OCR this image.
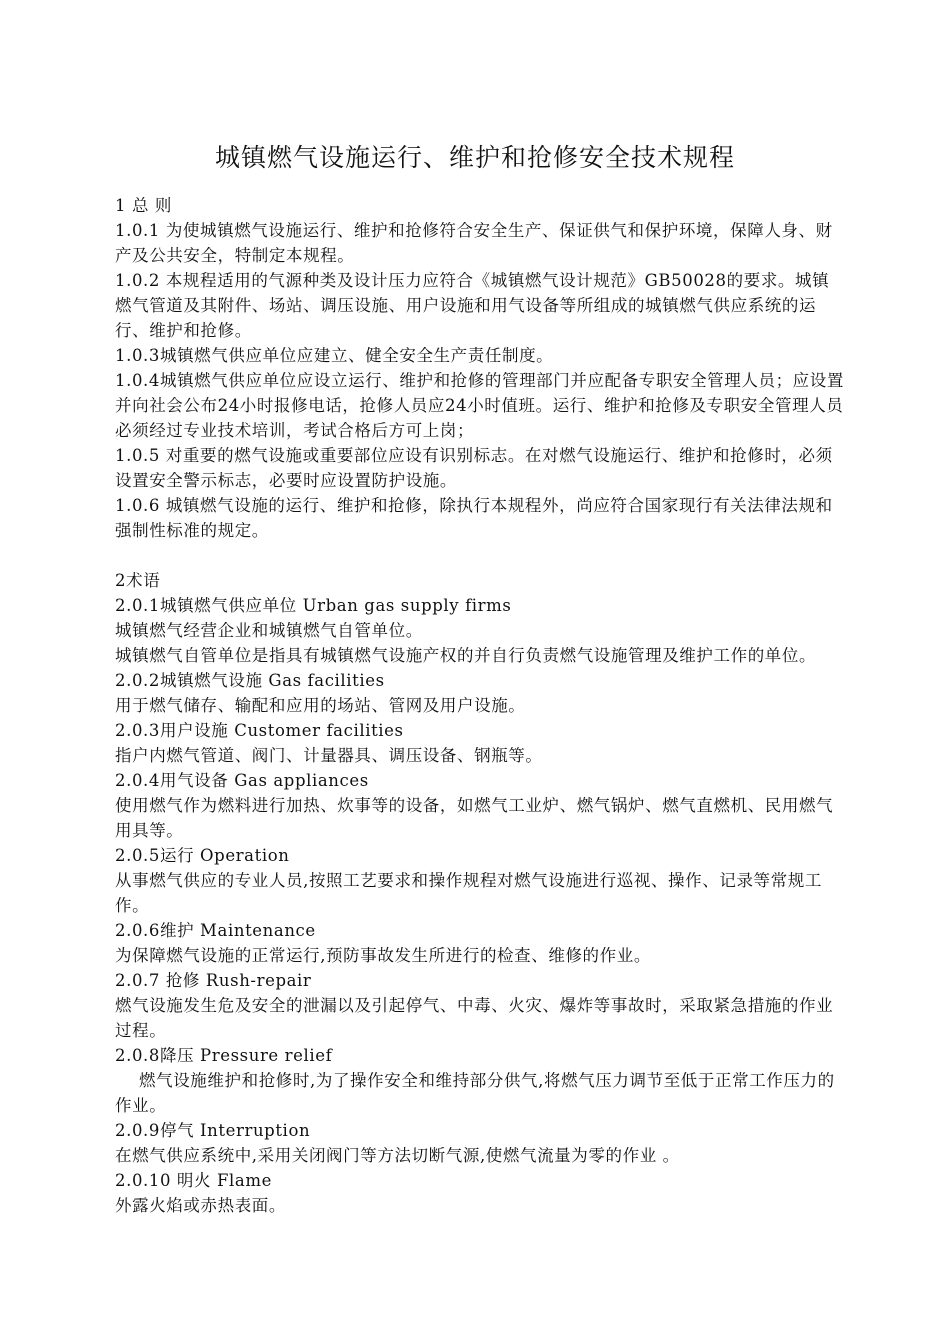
城镇燃气设施运行、维护和抢修安全技术规程

1 总 则

1.0.1 为使城镇燃气设施运行、维护和抢修符合安全生产、保证供气和保护环境，保障人身、财产及公共安全，特制定本规程。

1.0.2 本规程适用的气源种类及设计压力应符合《城镇燃气设计规范》GB50028的要求。城镇燃气管道及其附件、场站、调压设施、用户设施和用气设备等所组成的城镇燃气供应系统的运行、维护和抢修。

1.0.3城镇燃气供应单位应建立、健全安全生产责任制度。

1.0.4城镇燃气供应单位应设立运行、维护和抢修的管理部门并应配备专职安全管理人员；应设置并向社会公布24小时报修电话，抢修人员应24小时值班。运行、维护和抢修及专职安全管理人员必须经过专业技术培训，考试合格后方可上岗；

1.0.5 对重要的燃气设施或重要部位应设有识别标志。在对燃气设施运行、维护和抢修时，必须设置安全警示标志，必要时应设置防护设施。

1.0.6 城镇燃气设施的运行、维护和抢修，除执行本规程外，尚应符合国家现行有关法律法规和强制性标准的规定。

2术语

2.0.1城镇燃气供应单位 Urban gas supply firms

城镇燃气经营企业和城镇燃气自管单位。

城镇燃气自管单位是指具有城镇燃气设施产权的并自行负责燃气设施管理及维护工作的单位。

2.0.2城镇燃气设施 Gas facilities

用于燃气储存、输配和应用的场站、管网及用户设施。

2.0.3用户设施 Customer facilities

指户内燃气管道、阀门、计量器具、调压设备、钢瓶等。

2.0.4用气设备 Gas appliances

使用燃气作为燃料进行加热、炊事等的设备，如燃气工业炉、燃气锅炉、燃气直燃机、民用燃气用具等。

2.0.5运行 Operation

从事燃气供应的专业人员,按照工艺要求和操作规程对燃气设施进行巡视、操作、记录等常规工作。

2.0.6维护 Maintenance

为保障燃气设施的正常运行,预防事故发生所进行的检查、维修的作业。

2.0.7 抢修 Rush-repair

燃气设施发生危及安全的泄漏以及引起停气、中毒、火灾、爆炸等事故时，采取紧急措施的作业过程。

2.0.8降压 Pressure relief

燃气设施维护和抢修时,为了操作安全和维持部分供气,将燃气压力调节至低于正常工作压力的作业。

2.0.9停气 Interruption

在燃气供应系统中,采用关闭阀门等方法切断气源,使燃气流量为零的作业 。

2.0.10 明火 Flame

外露火焰或赤热表面。
